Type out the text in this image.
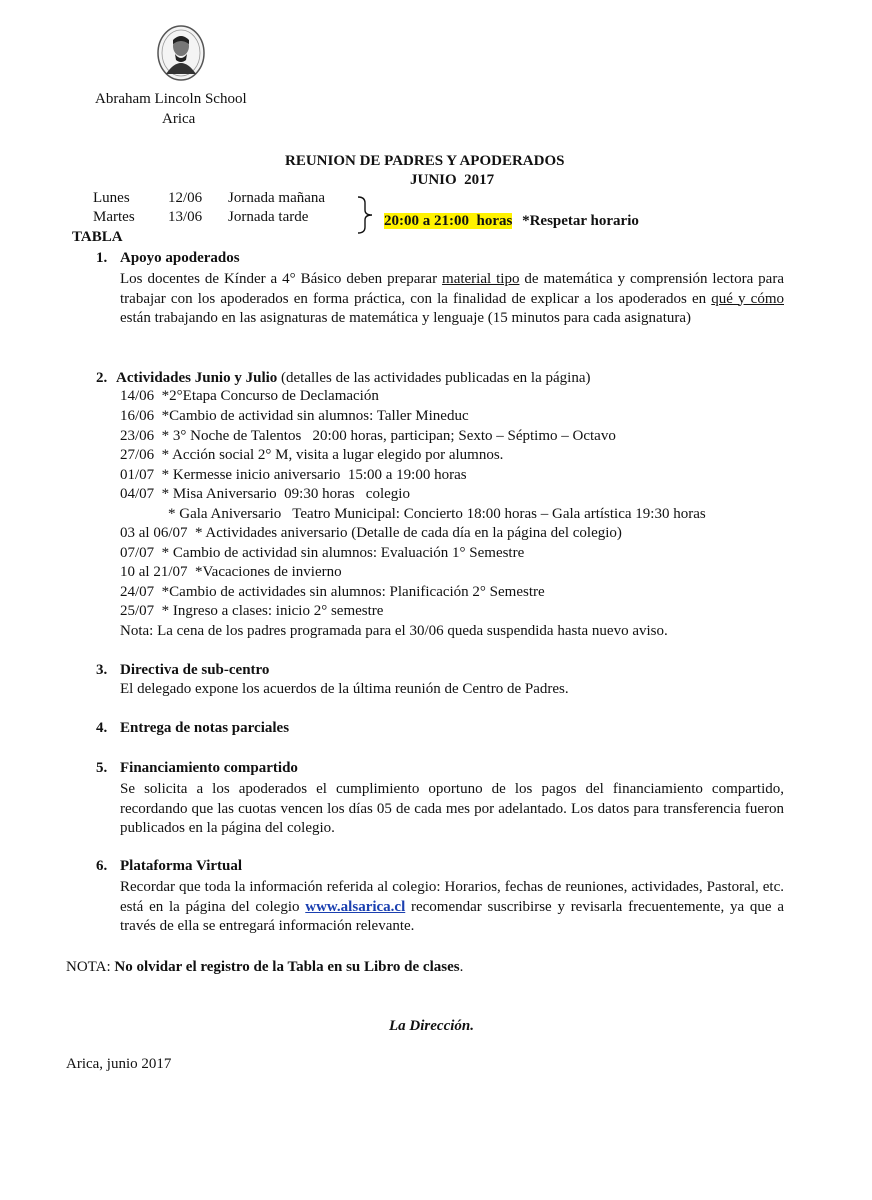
Abraham Lincoln School
Arica
REUNION DE PADRES Y APODERADOS
JUNIO  2017
Lunes	12/06 Jornada mañana
Martes 13/06 Jornada tarde	20:00 a 21:00  horas *Respetar horario
TABLA
1. Apoyo apoderados
Los docentes de Kínder a 4° Básico deben preparar material tipo de matemática y comprensión lectora para trabajar con los apoderados en forma práctica, con la finalidad de explicar a los apoderados en qué y cómo están trabajando en las asignaturas de matemática y lenguaje (15 minutos para cada asignatura)
2. Actividades Junio y Julio (detalles de las actividades publicadas en la página)
14/06  *2°Etapa Concurso de Declamación
16/06  *Cambio de actividad sin alumnos: Taller Mineduc
23/06  * 3° Noche de Talentos   20:00 horas, participan; Sexto – Séptimo – Octavo
27/06  * Acción social 2° M, visita a lugar elegido por alumnos.
01/07  * Kermesse inicio aniversario  15:00 a 19:00 horas
04/07  * Misa Aniversario  09:30 horas   colegio
* Gala Aniversario   Teatro Municipal: Concierto 18:00 horas – Gala artística 19:30 horas
03 al 06/07  * Actividades aniversario (Detalle de cada día en la página del colegio)
07/07  * Cambio de actividad sin alumnos: Evaluación 1° Semestre
10 al 21/07  *Vacaciones de invierno
24/07  *Cambio de actividades sin alumnos: Planificación 2° Semestre
25/07  * Ingreso a clases: inicio 2° semestre
Nota: La cena de los padres programada para el 30/06 queda suspendida hasta nuevo aviso.
3. Directiva de sub-centro
El delegado expone los acuerdos de la última reunión de Centro de Padres.
4. Entrega de notas parciales
5. Financiamiento compartido
Se solicita a los apoderados el cumplimiento oportuno de los pagos del financiamiento compartido, recordando que las cuotas vencen los días 05 de cada mes por adelantado. Los datos para transferencia fueron publicados en la página del colegio.
6. Plataforma Virtual
Recordar que toda la información referida al colegio: Horarios, fechas de reuniones, actividades, Pastoral, etc. está en la página del colegio www.alsarica.cl recomendar suscribirse y revisarla frecuentemente, ya que a través de ella se entregará información relevante.
NOTA: No olvidar el registro de la Tabla en su Libro de clases.
La Dirección.
Arica, junio 2017
